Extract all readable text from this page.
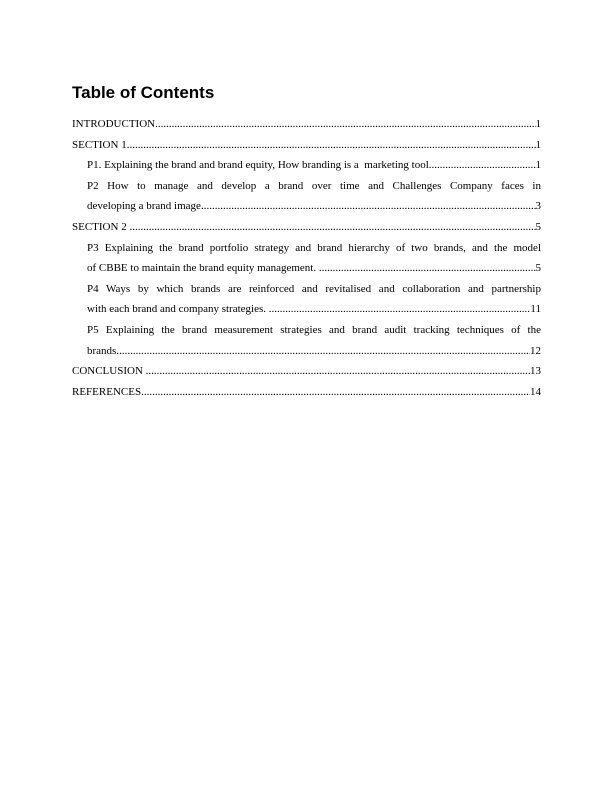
Table of Contents
INTRODUCTION .....	1
SECTION 1 .....	1
P1. Explaining the brand and brand equity, How branding is a  marketing tool .....	1
P2 How to manage and develop a brand over time and Challenges Company faces in
developing a brand image .....	3
SECTION 2 .....	5
P3 Explaining the brand portfolio strategy and brand hierarchy of two brands, and the model
of CBBE to maintain the brand equity management. .....	5
P4 Ways by which brands are reinforced and revitalised and collaboration and partnership
with each brand and company strategies. .....	11
P5 Explaining the brand measurement strategies and brand audit tracking techniques of the
brands .....	12
CONCLUSION .....	13
REFERENCES .....	14
